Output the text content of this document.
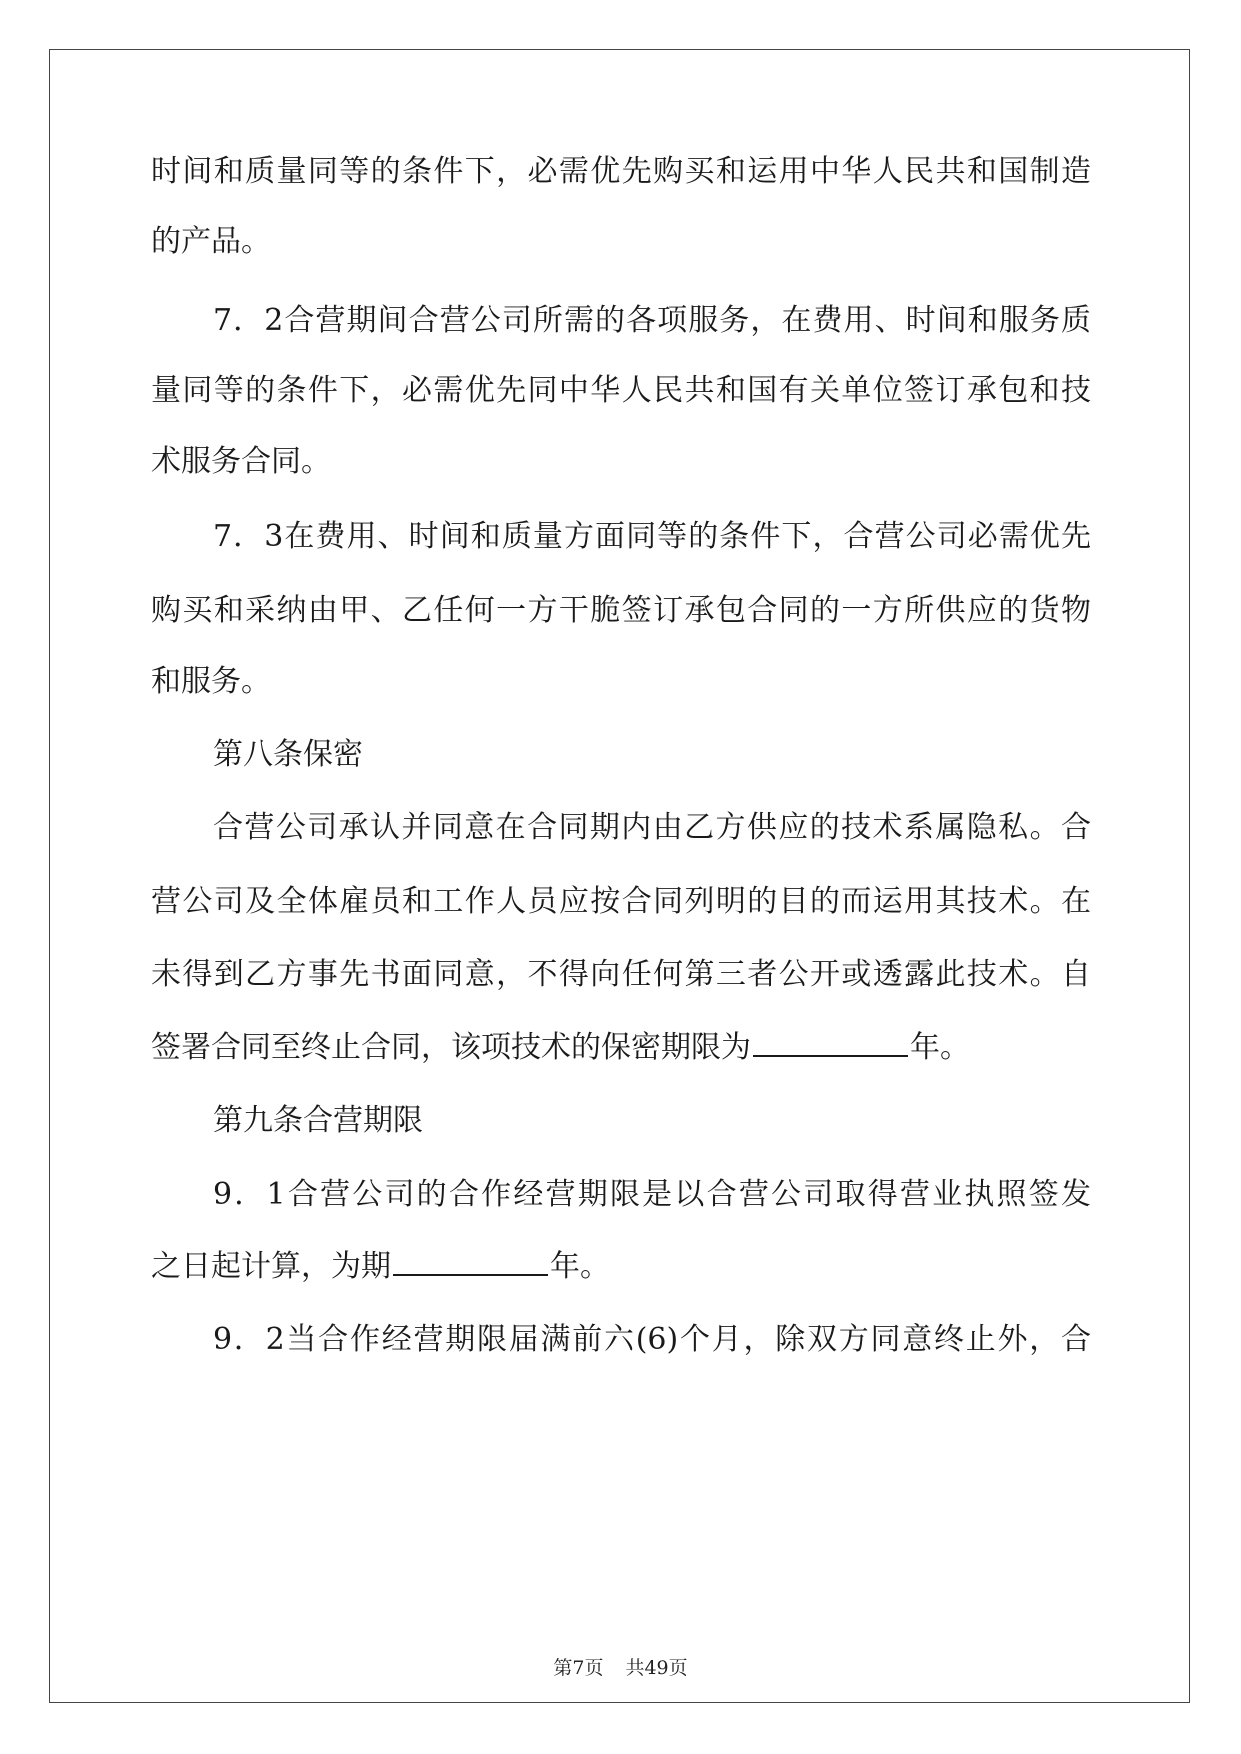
时间和质量同等的条件下，必需优先购买和运用中华人民共和国制造
的产品。
7．2合营期间合营公司所需的各项服务，在费用、时间和服务质
量同等的条件下，必需优先同中华人民共和国有关单位签订承包和技
术服务合同。
7．3在费用、时间和质量方面同等的条件下，合营公司必需优先
购买和采纳由甲、乙任何一方干脆签订承包合同的一方所供应的货物
和服务。
第八条保密
合营公司承认并同意在合同期内由乙方供应的技术系属隐私。合
营公司及全体雇员和工作人员应按合同列明的目的而运用其技术。在
未得到乙方事先书面同意，不得向任何第三者公开或透露此技术。自
签署合同至终止合同，该项技术的保密期限为	年。
第九条合营期限
9．1合营公司的合作经营期限是以合营公司取得营业执照签发
之日起计算，为期	年。
9．2当合作经营期限届满前六(6)个月，除双方同意终止外，合
第7页 共49页
